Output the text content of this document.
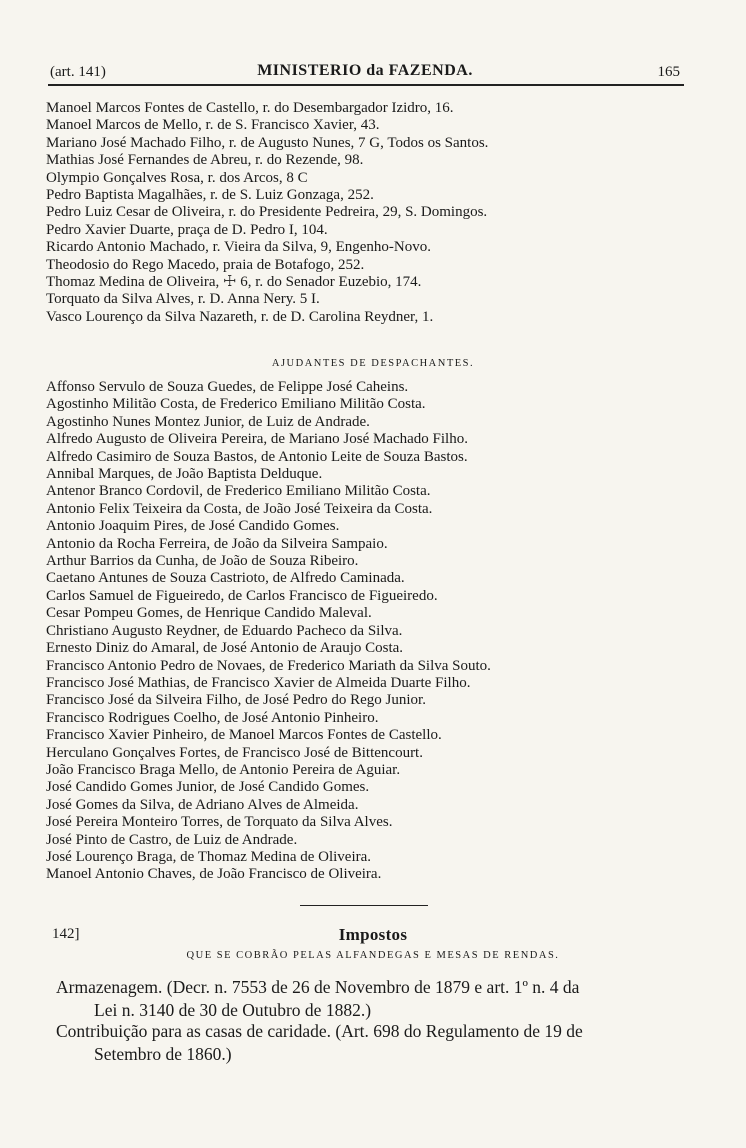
(art. 141)	MINISTERIO da FAZENDA.	165
Manoel Marcos Fontes de Castello, r. do Desembargador Izidro, 16.
Manoel Marcos de Mello, r. de S. Francisco Xavier, 43.
Mariano José Machado Filho, r. de Augusto Nunes, 7 G, Todos os Santos.
Mathias José Fernandes de Abreu, r. do Rezende, 98.
Olympio Gonçalves Rosa, r. dos Arcos, 8 C
Pedro Baptista Magalhães, r. de S. Luiz Gonzaga, 252.
Pedro Luiz Cesar de Oliveira, r. do Presidente Pedreira, 29, S. Domingos.
Pedro Xavier Duarte, praça de D. Pedro I, 104.
Ricardo Antonio Machado, r. Vieira da Silva, 9, Engenho-Novo.
Theodosio do Rego Macedo, praia de Botafogo, 252.
Thomaz Medina de Oliveira, ☩ 6, r. do Senador Euzebio, 174.
Torquato da Silva Alves, r. D. Anna Nery. 5 I.
Vasco Lourenço da Silva Nazareth, r. de D. Carolina Reydner, 1.
AJUDANTES DE DESPACHANTES.
Affonso Servulo de Souza Guedes, de Felippe José Caheins.
Agostinho Militão Costa, de Frederico Emiliano Militão Costa.
Agostinho Nunes Montez Junior, de Luiz de Andrade.
Alfredo Augusto de Oliveira Pereira, de Mariano José Machado Filho.
Alfredo Casimiro de Souza Bastos, de Antonio Leite de Souza Bastos.
Annibal Marques, de João Baptista Delduque.
Antenor Branco Cordovil, de Frederico Emiliano Militão Costa.
Antonio Felix Teixeira da Costa, de João José Teixeira da Costa.
Antonio Joaquim Pires, de José Candido Gomes.
Antonio da Rocha Ferreira, de João da Silveira Sampaio.
Arthur Barrios da Cunha, de João de Souza Ribeiro.
Caetano Antunes de Souza Castrioto, de Alfredo Caminada.
Carlos Samuel de Figueiredo, de Carlos Francisco de Figueiredo.
Cesar Pompeu Gomes, de Henrique Candido Maleval.
Christiano Augusto Reydner, de Eduardo Pacheco da Silva.
Ernesto Diniz do Amaral, de José Antonio de Araujo Costa.
Francisco Antonio Pedro de Novaes, de Frederico Mariath da Silva Souto.
Francisco José Mathias, de Francisco Xavier de Almeida Duarte Filho.
Francisco José da Silveira Filho, de José Pedro do Rego Junior.
Francisco Rodrigues Coelho, de José Antonio Pinheiro.
Francisco Xavier Pinheiro, de Manoel Marcos Fontes de Castello.
Herculano Gonçalves Fortes, de Francisco José de Bittencourt.
João Francisco Braga Mello, de Antonio Pereira de Aguiar.
José Candido Gomes Junior, de José Candido Gomes.
José Gomes da Silva, de Adriano Alves de Almeida.
José Pereira Monteiro Torres, de Torquato da Silva Alves.
José Pinto de Castro, de Luiz de Andrade.
José Lourenço Braga, de Thomaz Medina de Oliveira.
Manoel Antonio Chaves, de João Francisco de Oliveira.
142]	Impostos
QUE SE COBRÃO PELAS ALFANDEGAS E MESAS DE RENDAS.
Armazenagem. (Decr. n. 7553 de 26 de Novembro de 1879 e art. 1º n. 4 da
Lei n. 3140 de 30 de Outubro de 1882.)
Contribuição para as casas de caridade. (Art. 698 do Regulamento de 19 de
Setembro de 1860.)
